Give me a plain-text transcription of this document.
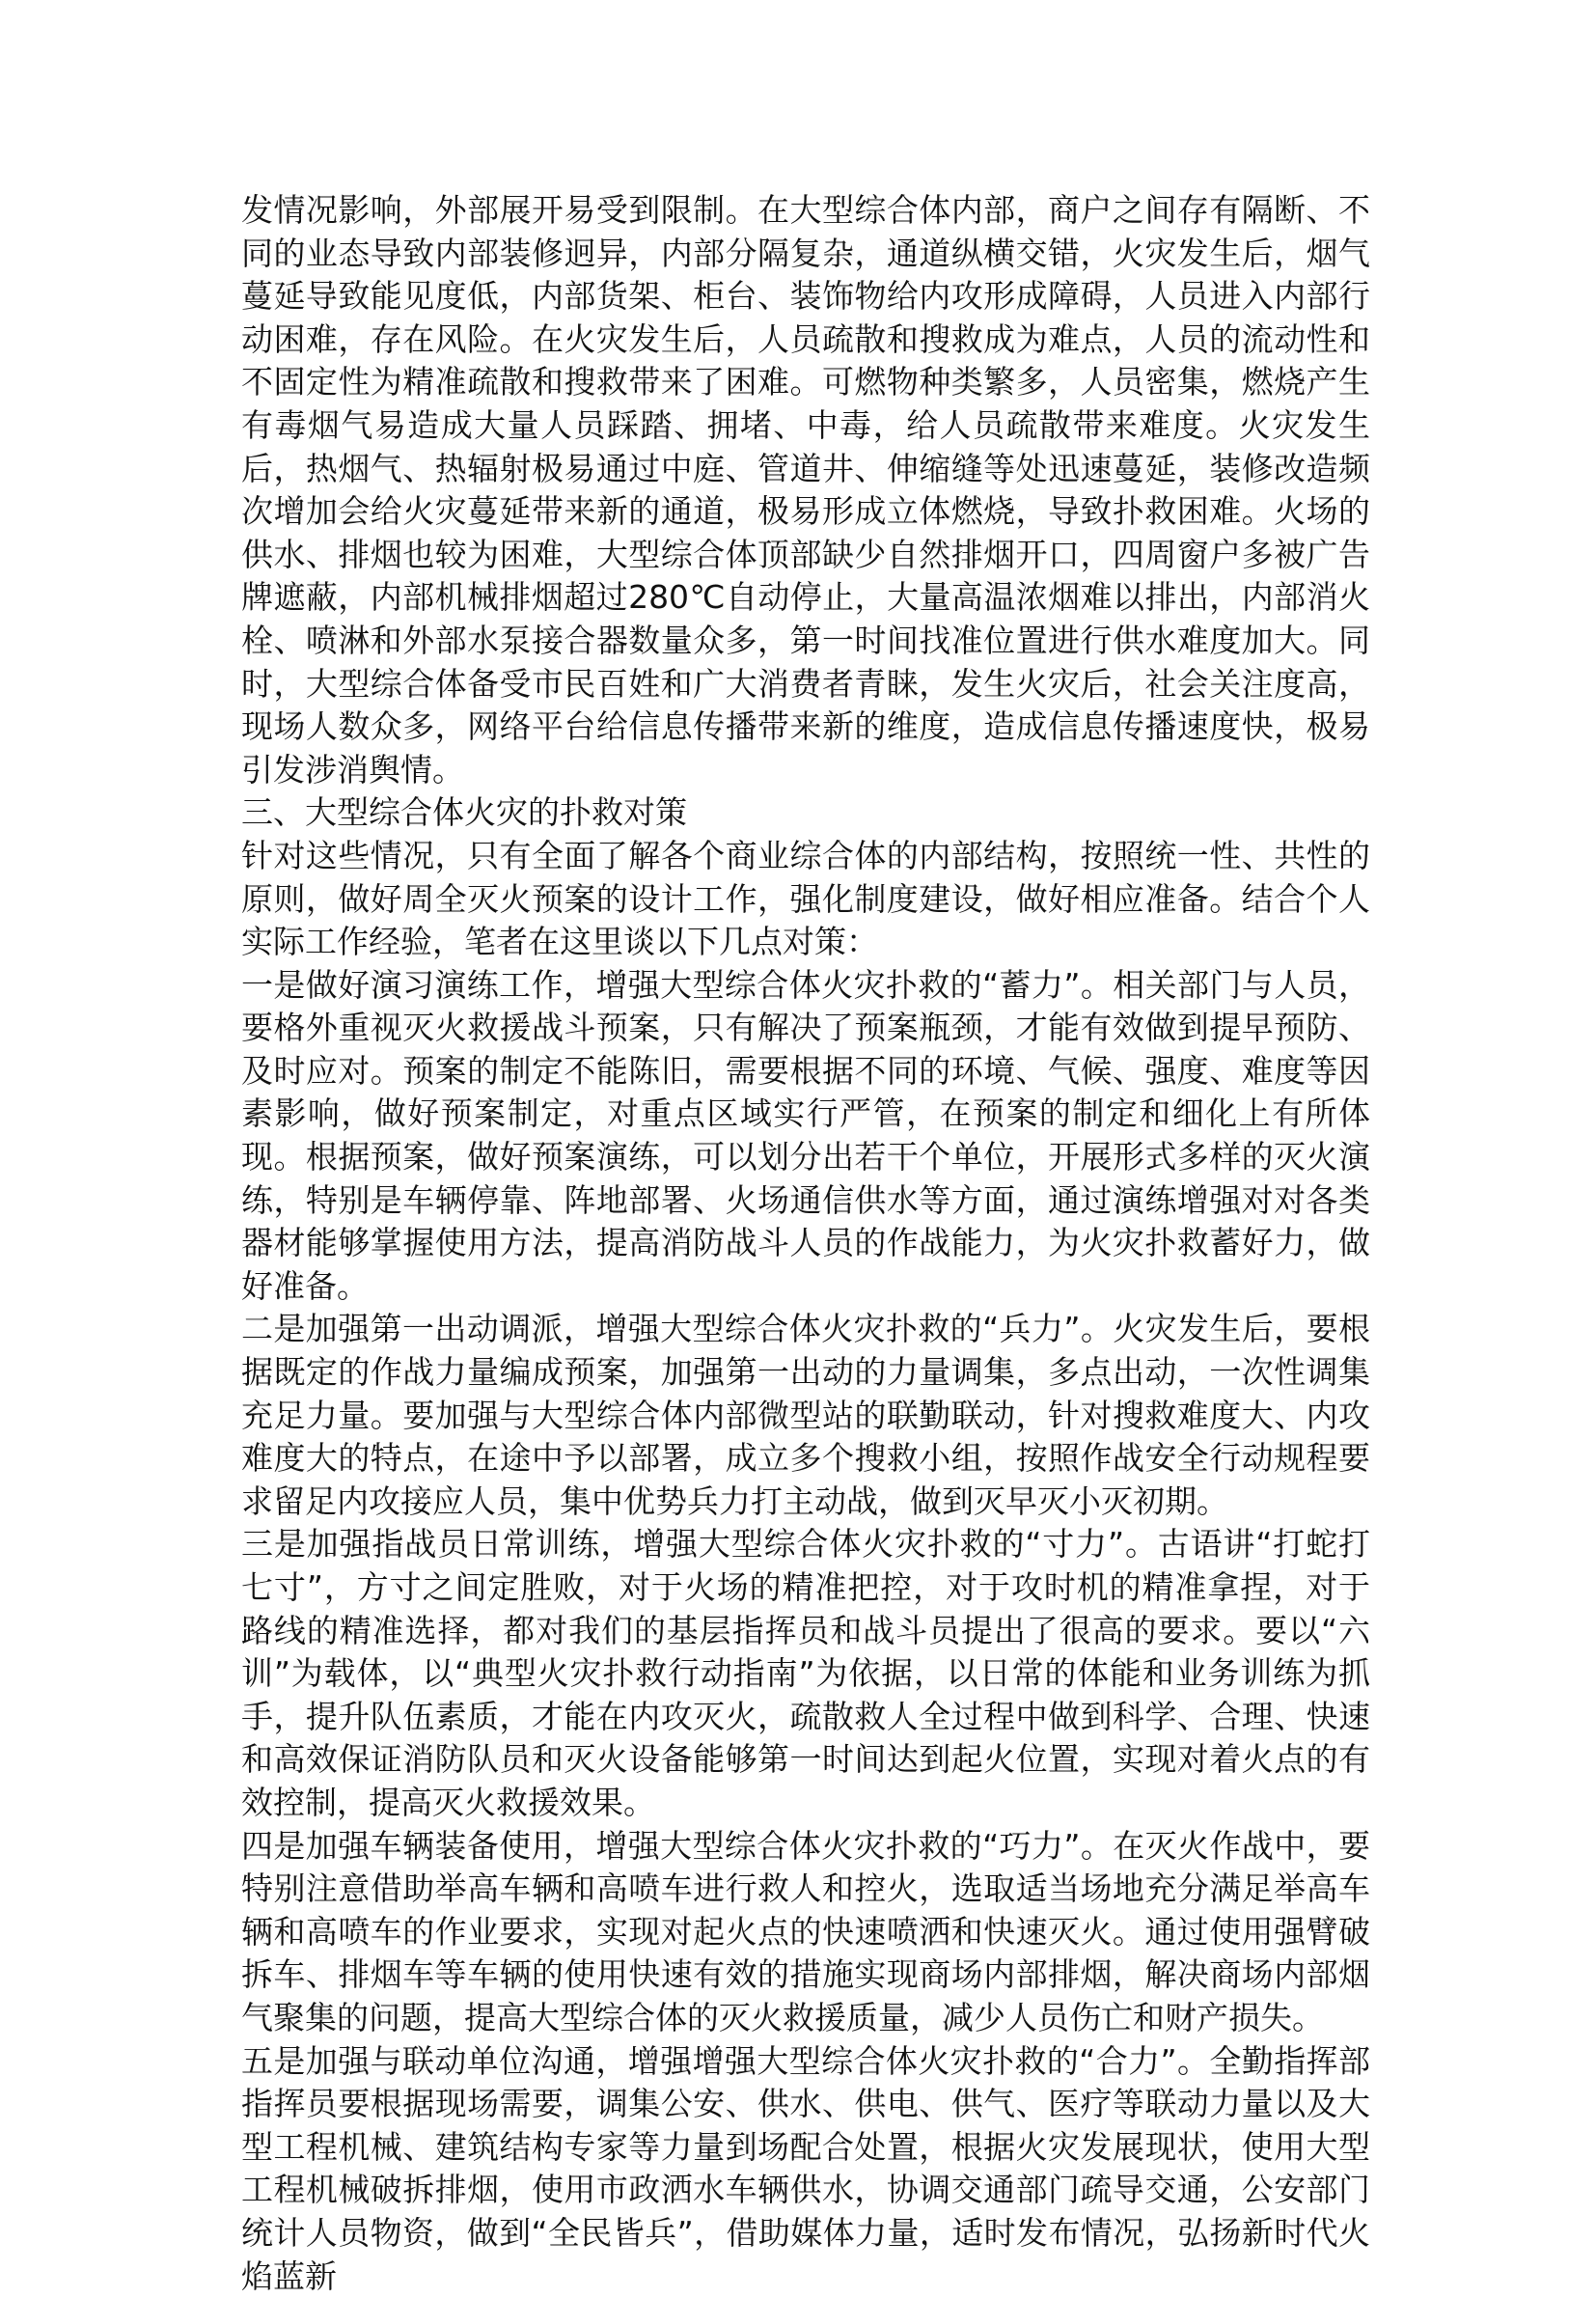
发情况影响，外部展开易受到限制。在大型综合体内部，商户之间存有隔断、不同的业态导致内部装修迥异，内部分隔复杂，通道纵横交错，火灾发生后，烟气蔓延导致能见度低，内部货架、柜台、装饰物给内攻形成障碍，人员进入内部行动困难，存在风险。在火灾发生后，人员疏散和搜救成为难点，人员的流动性和不固定性为精准疏散和搜救带来了困难。可燃物种类繁多，人员密集，燃烧产生有毒烟气易造成大量人员踩踏、拥堵、中毒，给人员疏散带来难度。火灾发生后，热烟气、热辐射极易通过中庭、管道井、伸缩缝等处迅速蔓延，装修改造频次增加会给火灾蔓延带来新的通道，极易形成立体燃烧，导致扑救困难。火场的供水、排烟也较为困难，大型综合体顶部缺少自然排烟开口，四周窗户多被广告牌遮蔽，内部机械排烟超过280℃自动停止，大量高温浓烟难以排出，内部消火栓、喷淋和外部水泵接合器数量众多，第一时间找准位置进行供水难度加大。同时，大型综合体备受市民百姓和广大消费者青睐，发生火灾后，社会关注度高，现场人数众多，网络平台给信息传播带来新的维度，造成信息传播速度快，极易引发涉消舆情。

三、大型综合体火灾的扑救对策

针对这些情况，只有全面了解各个商业综合体的内部结构，按照统一性、共性的原则，做好周全灭火预案的设计工作，强化制度建设，做好相应准备。结合个人实际工作经验，笔者在这里谈以下几点对策：

一是做好演习演练工作，增强大型综合体火灾扑救的“蓄力”。相关部门与人员，要格外重视灭火救援战斗预案，只有解决了预案瓶颈，才能有效做到提早预防、及时应对。预案的制定不能陈旧，需要根据不同的环境、气候、强度、难度等因素影响，做好预案制定，对重点区域实行严管，在预案的制定和细化上有所体现。根据预案，做好预案演练，可以划分出若干个单位，开展形式多样的灭火演练，特别是车辆停靠、阵地部署、火场通信供水等方面，通过演练增强对对各类器材能够掌握使用方法，提高消防战斗人员的作战能力，为火灾扑救蓄好力，做好准备。

二是加强第一出动调派，增强大型综合体火灾扑救的“兵力”。火灾发生后，要根据既定的作战力量编成预案，加强第一出动的力量调集，多点出动，一次性调集充足力量。要加强与大型综合体内部微型站的联勤联动，针对搜救难度大、内攻难度大的特点，在途中予以部署，成立多个搜救小组，按照作战安全行动规程要求留足内攻接应人员，集中优势兵力打主动战，做到灭早灭小灭初期。

三是加强指战员日常训练，增强大型综合体火灾扑救的“寸力”。古语讲“打蛇打七寸”，方寸之间定胜败，对于火场的精准把控，对于攻时机的精准拿捏，对于路线的精准选择，都对我们的基层指挥员和战斗员提出了很高的要求。要以“六训”为载体，以“典型火灾扑救行动指南”为依据，以日常的体能和业务训练为抓手，提升队伍素质，才能在内攻灭火，疏散救人全过程中做到科学、合理、快速和高效保证消防队员和灭火设备能够第一时间达到起火位置，实现对着火点的有效控制，提高灭火救援效果。

四是加强车辆装备使用，增强大型综合体火灾扑救的“巧力”。在灭火作战中，要特别注意借助举高车辆和高喷车进行救人和控火，选取适当场地充分满足举高车辆和高喷车的作业要求，实现对起火点的快速喷洒和快速灭火。通过使用强臂破拆车、排烟车等车辆的使用快速有效的措施实现商场内部排烟，解决商场内部烟气聚集的问题，提高大型综合体的灭火救援质量，减少人员伤亡和财产损失。

五是加强与联动单位沟通，增强增强大型综合体火灾扑救的“合力”。全勤指挥部指挥员要根据现场需要，调集公安、供水、供电、供气、医疗等联动力量以及大型工程机械、建筑结构专家等力量到场配合处置，根据火灾发展现状，使用大型工程机械破拆排烟，使用市政洒水车辆供水，协调交通部门疏导交通，公安部门统计人员物资，做到“全民皆兵”，借助媒体力量，适时发布情况，弘扬新时代火焰蓝新
